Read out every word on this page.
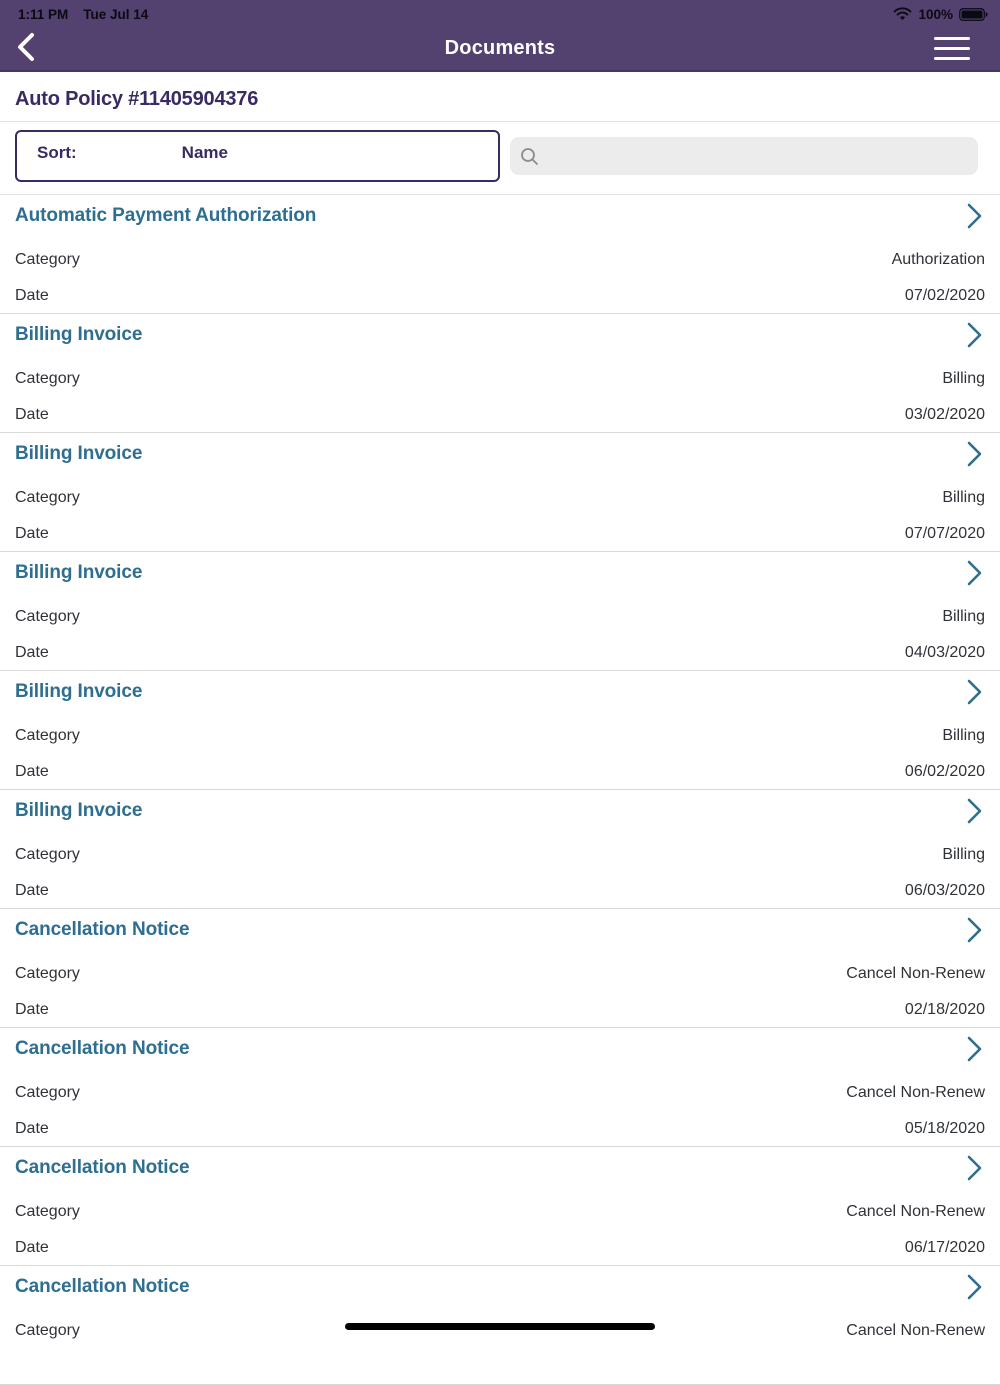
1:11 PM Tue Jul 14	100%
Documents
Auto Policy #11405904376
Sort:	Name
Automatic Payment Authorization
Category	Authorization
Date	07/02/2020
Billing Invoice
Category	Billing
Date	03/02/2020
Billing Invoice
Category	Billing
Date	07/07/2020
Billing Invoice
Category	Billing
Date	04/03/2020
Billing Invoice
Category	Billing
Date	06/02/2020
Billing Invoice
Category	Billing
Date	06/03/2020
Cancellation Notice
Category	Cancel Non-Renew
Date	02/18/2020
Cancellation Notice
Category	Cancel Non-Renew
Date	05/18/2020
Cancellation Notice
Category	Cancel Non-Renew
Date	06/17/2020
Cancellation Notice
Category	Cancel Non-Renew
